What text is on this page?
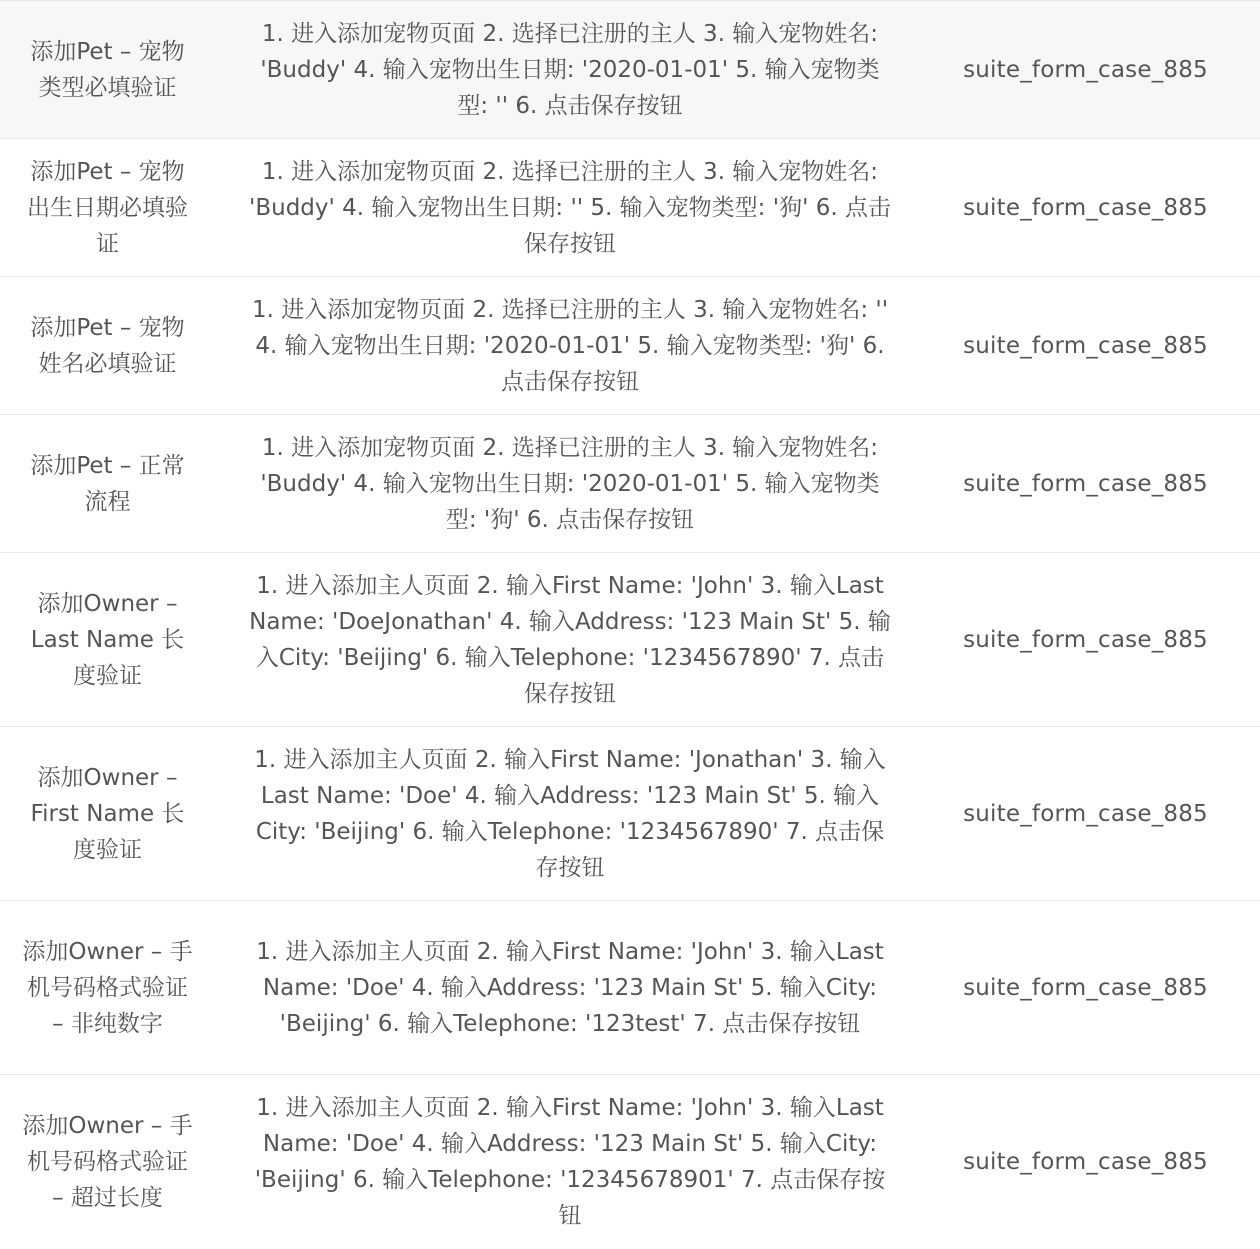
添加Pet – 宠物类型必填验证	1. 进入添加宠物页面 2. 选择已注册的主人 3. 输入宠物姓名: 'Buddy' 4. 输入宠物出生日期: '2020-01-01' 5. 输入宠物类型: '' 6. 点击保存按钮	suite_form_case_885
添加Pet – 宠物出生日期必填验证	1. 进入添加宠物页面 2. 选择已注册的主人 3. 输入宠物姓名: 'Buddy' 4. 输入宠物出生日期: '' 5. 输入宠物类型: '狗' 6. 点击保存按钮	suite_form_case_885
添加Pet – 宠物姓名必填验证	1. 进入添加宠物页面 2. 选择已注册的主人 3. 输入宠物姓名: '' 4. 输入宠物出生日期: '2020-01-01' 5. 输入宠物类型: '狗' 6. 点击保存按钮	suite_form_case_885
添加Pet – 正常流程	1. 进入添加宠物页面 2. 选择已注册的主人 3. 输入宠物姓名: 'Buddy' 4. 输入宠物出生日期: '2020-01-01' 5. 输入宠物类型: '狗' 6. 点击保存按钮	suite_form_case_885
添加Owner – Last Name 长度验证	1. 进入添加主人页面 2. 输入First Name: 'John' 3. 输入Last Name: 'DoeJonathan' 4. 输入Address: '123 Main St' 5. 输入City: 'Beijing' 6. 输入Telephone: '1234567890' 7. 点击保存按钮	suite_form_case_885
添加Owner – First Name 长度验证	1. 进入添加主人页面 2. 输入First Name: 'Jonathan' 3. 输入Last Name: 'Doe' 4. 输入Address: '123 Main St' 5. 输入City: 'Beijing' 6. 输入Telephone: '1234567890' 7. 点击保存按钮	suite_form_case_885
添加Owner – 手机号码格式验证 – 非纯数字	1. 进入添加主人页面 2. 输入First Name: 'John' 3. 输入Last Name: 'Doe' 4. 输入Address: '123 Main St' 5. 输入City: 'Beijing' 6. 输入Telephone: '123test' 7. 点击保存按钮	suite_form_case_885
添加Owner – 手机号码格式验证 – 超过长度	1. 进入添加主人页面 2. 输入First Name: 'John' 3. 输入Last Name: 'Doe' 4. 输入Address: '123 Main St' 5. 输入City: 'Beijing' 6. 输入Telephone: '12345678901' 7. 点击保存按钮	suite_form_case_885
